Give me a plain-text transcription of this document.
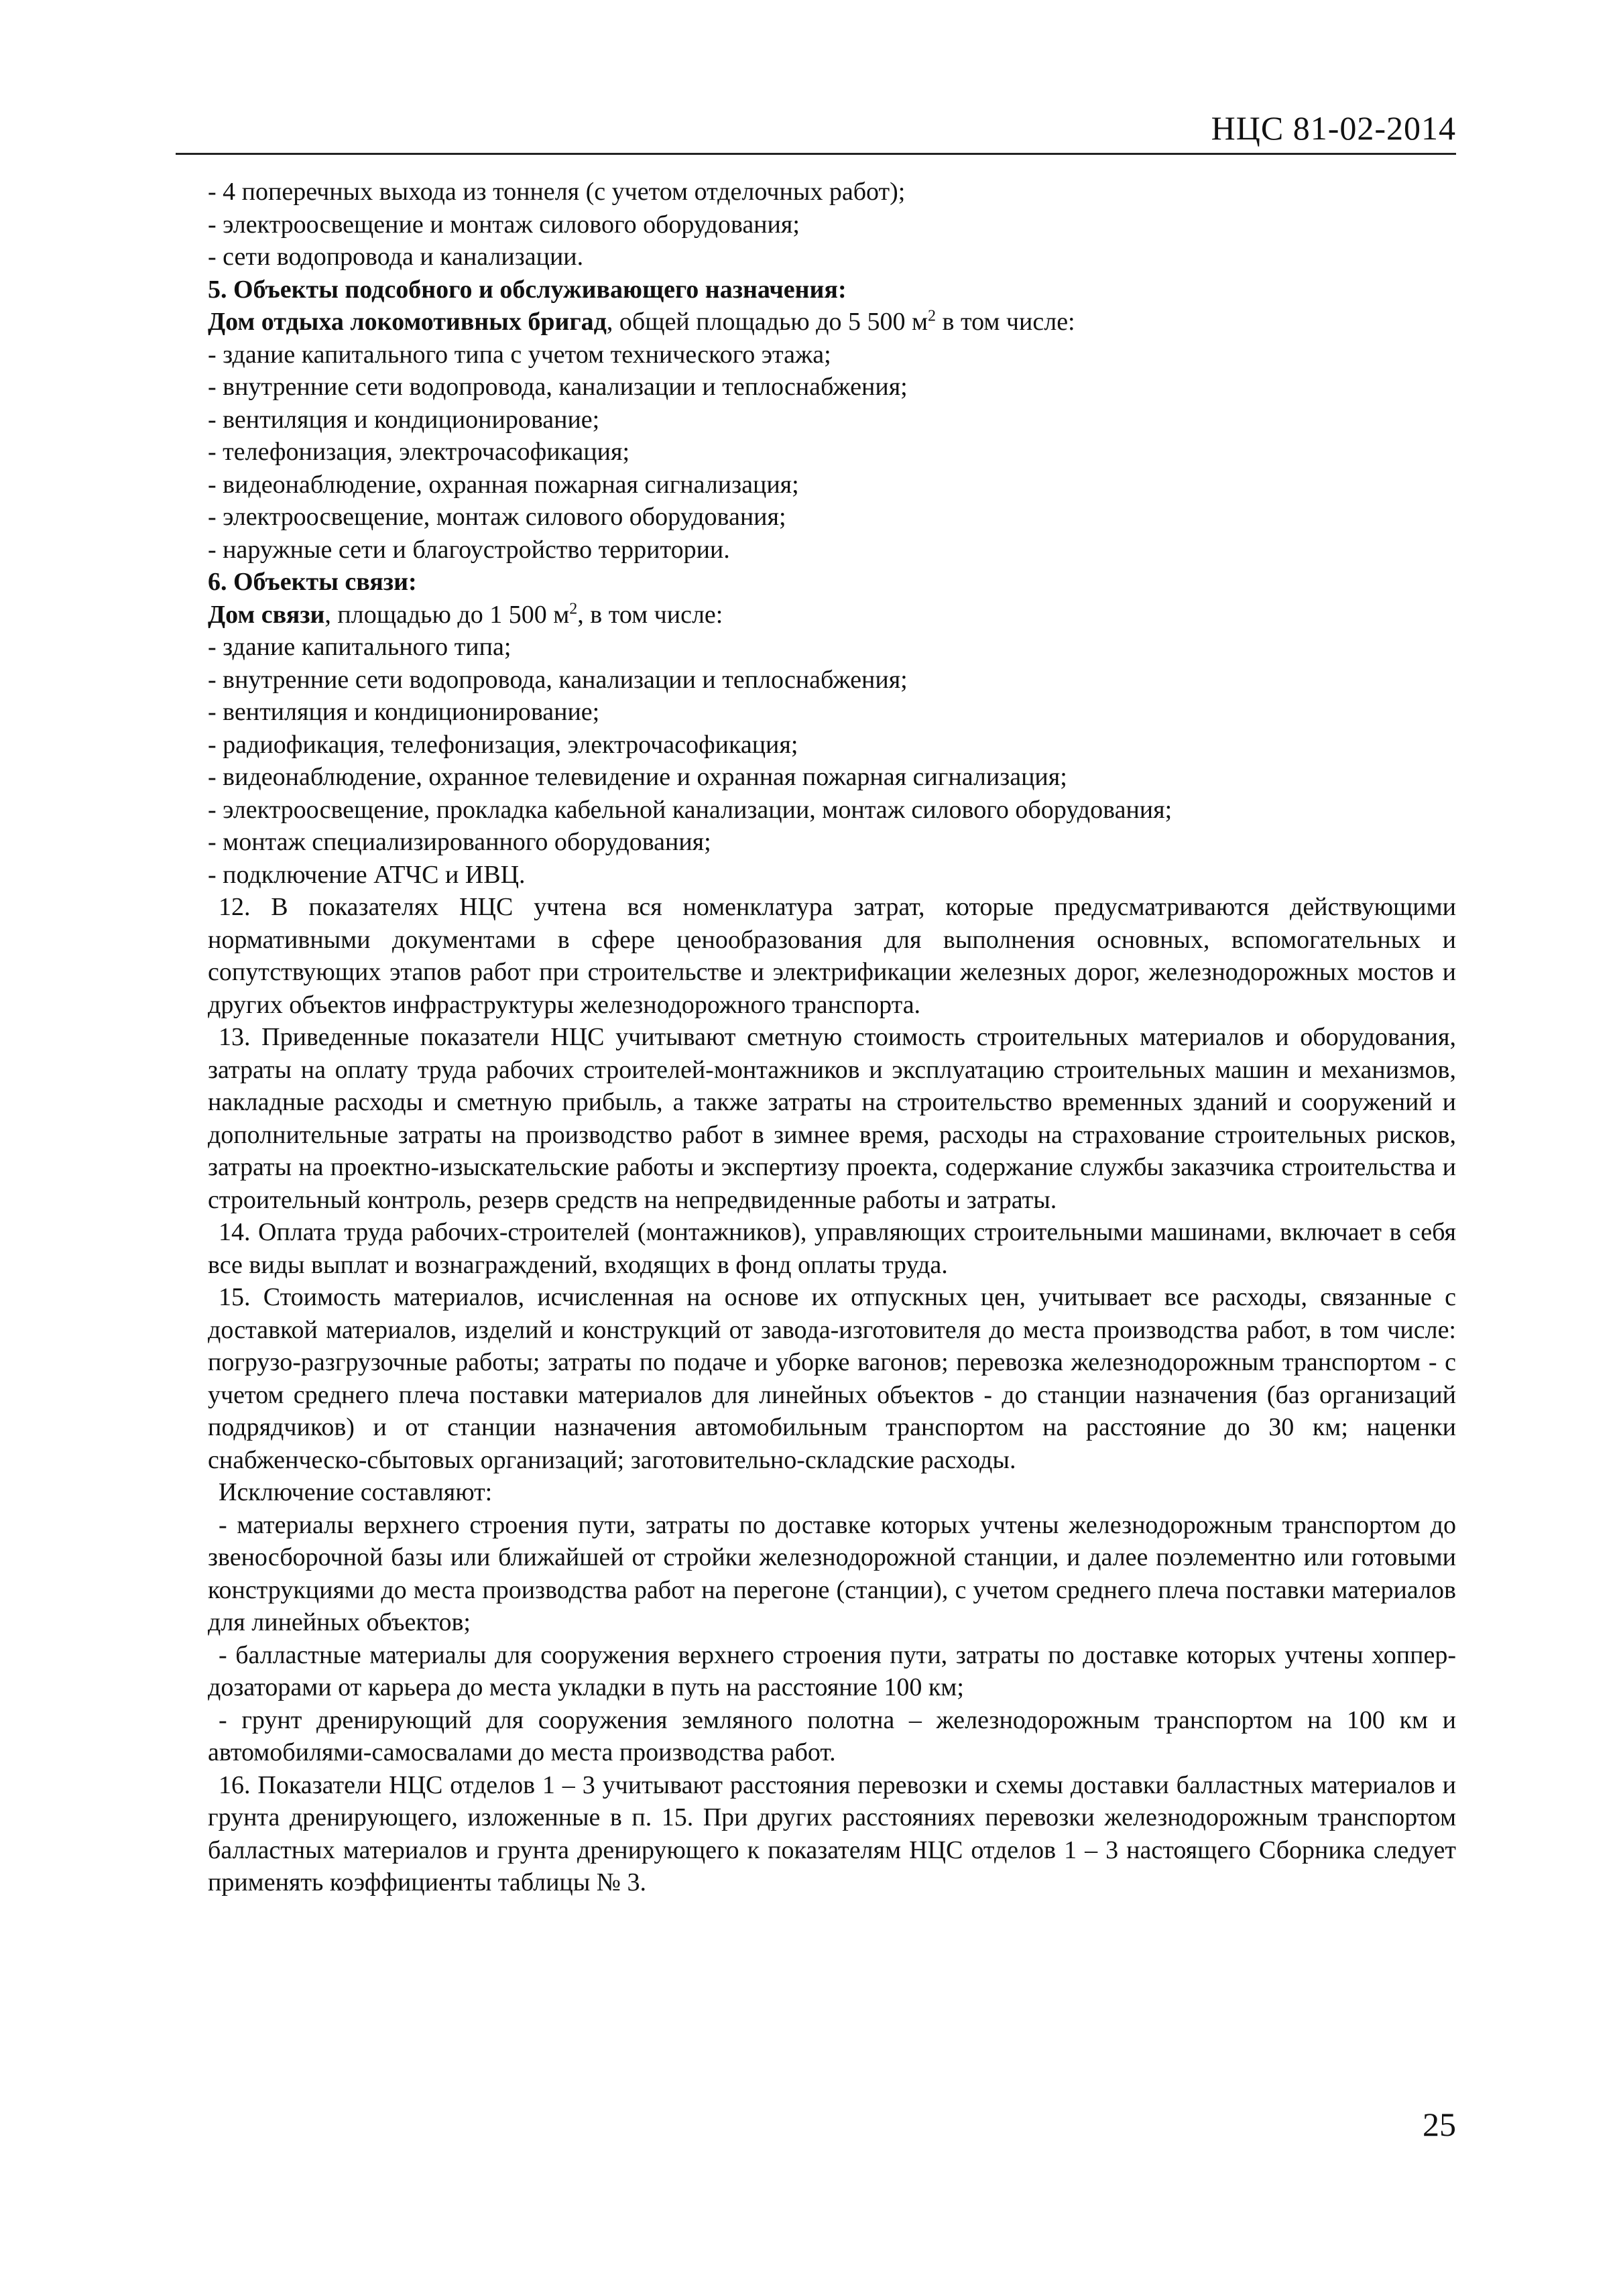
НЦС 81-02-2014
- 4 поперечных выхода из тоннеля (с учетом отделочных работ);
- электроосвещение и монтаж силового оборудования;
- сети водопровода и канализации.
5. Объекты подсобного и обслуживающего назначения:
Дом отдыха локомотивных бригад, общей площадью до 5 500 $м^2$ в том числе:
- здание капитального типа с учетом технического этажа;
- внутренние сети водопровода, канализации и теплоснабжения;
- вентиляция и кондиционирование;
- телефонизация, электрочасофикация;
- видеонаблюдение, охранная пожарная сигнализация;
- электроосвещение, монтаж силового оборудования;
- наружные сети и благоустройство территории.
6. Объекты связи:
Дом связи, площадью до 1 500 $м^2$, в том числе:
- здание капитального типа;
- внутренние сети водопровода, канализации и теплоснабжения;
- вентиляция и кондиционирование;
- радиофикация, телефонизация, электрочасофикация;
- видеонаблюдение, охранное телевидение и охранная пожарная сигнализация;
- электроосвещение, прокладка кабельной канализации, монтаж силового оборудования;
- монтаж специализированного оборудования;
- подключение АТЧС и ИВЦ.

12. В показателях НЦС учтена вся номенклатура затрат, которые предусматриваются действующими нормативными документами в сфере ценообразования для выполнения основных, вспомогательных и сопутствующих этапов работ при строительстве и электрификации железных дорог, железнодорожных мостов и других объектов инфраструктуры железнодорожного транспорта.

13. Приведенные показатели НЦС учитывают сметную стоимость строительных материалов и оборудования, затраты на оплату труда рабочих строителей-монтажников и эксплуатацию строительных машин и механизмов, накладные расходы и сметную прибыль, а также затраты на строительство временных зданий и сооружений и дополнительные затраты на производство работ в зимнее время, расходы на страхование строительных рисков, затраты на проектно-изыскательские работы и экспертизу проекта, содержание службы заказчика строительства и строительный контроль, резерв средств на непредвиденные работы и затраты.

14. Оплата труда рабочих-строителей (монтажников), управляющих строительными машинами, включает в себя все виды выплат и вознаграждений, входящих в фонд оплаты труда.

15. Стоимость материалов, исчисленная на основе их отпускных цен, учитывает все расходы, связанные с доставкой материалов, изделий и конструкций от завода-изготовителя до места производства работ, в том числе: погрузо-разгрузочные работы; затраты по подаче и уборке вагонов; перевозка железнодорожным транспортом - с учетом среднего плеча поставки материалов для линейных объектов - до станции назначения (баз организаций подрядчиков) и от станции назначения автомобильным транспортом на расстояние до 30 км; наценки снабженческо-сбытовых организаций; заготовительно-складские расходы.

Исключение составляют:

- материалы верхнего строения пути, затраты по доставке которых учтены железнодорожным транспортом до звеносборочной базы или ближайшей от стройки железнодорожной станции, и далее поэлементно или готовыми конструкциями до места производства работ на перегоне (станции), с учетом среднего плеча поставки материалов для линейных объектов;

- балластные материалы для сооружения верхнего строения пути, затраты по доставке которых учтены хоппер-дозаторами от карьера до места укладки в путь на расстояние 100 км;

- грунт дренирующий для сооружения земляного полотна – железнодорожным транспортом на 100 км и автомобилями-самосвалами до места производства работ.

16. Показатели НЦС отделов 1 – 3 учитывают расстояния перевозки и схемы доставки балластных материалов и грунта дренирующего, изложенные в п. 15. При других расстояниях перевозки железнодорожным транспортом балластных материалов и грунта дренирующего к показателям НЦС отделов 1 – 3 настоящего Сборника следует применять коэффициенты таблицы № 3.

25
